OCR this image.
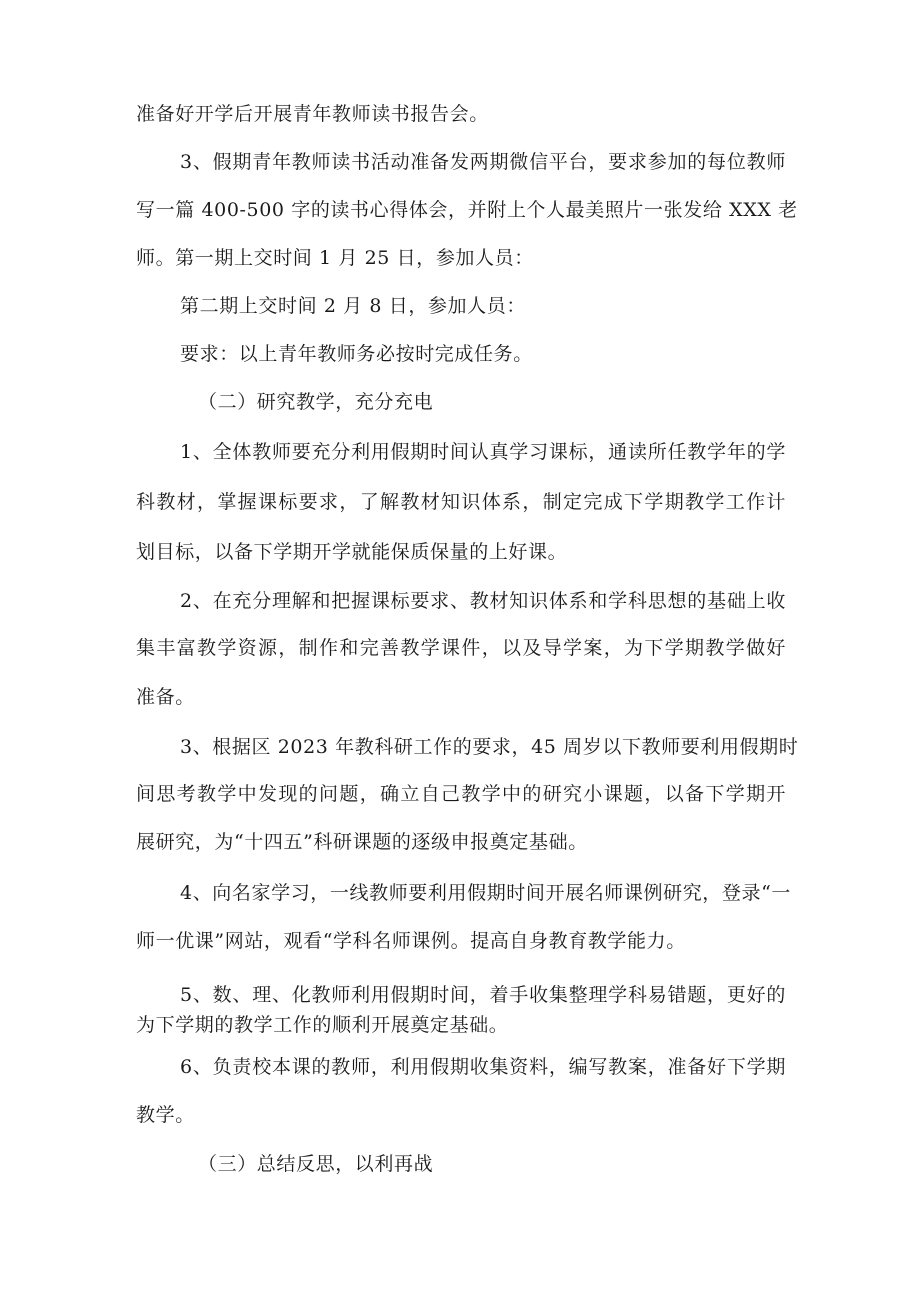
准备好开学后开展青年教师读书报告会。
3、假期青年教师读书活动准备发两期微信平台，要求参加的每位教师
写一篇 400-500 字的读书心得体会，并附上个人最美照片一张发给 XXX 老
师。第一期上交时间 1 月 25 日，参加人员：
第二期上交时间 2 月 8 日，参加人员：
要求：以上青年教师务必按时完成任务。
（二）研究教学，充分充电
1、全体教师要充分利用假期时间认真学习课标，通读所任教学年的学
科教材，掌握课标要求，了解教材知识体系，制定完成下学期教学工作计
划目标，以备下学期开学就能保质保量的上好课。
2、在充分理解和把握课标要求、教材知识体系和学科思想的基础上收
集丰富教学资源，制作和完善教学课件，以及导学案，为下学期教学做好
准备。
3、根据区 2023 年教科研工作的要求，45 周岁以下教师要利用假期时
间思考教学中发现的问题，确立自己教学中的研究小课题，以备下学期开
展研究，为“十四五”科研课题的逐级申报奠定基础。
4、向名家学习，一线教师要利用假期时间开展名师课例研究，登录“一
师一优课”网站，观看“学科名师课例。提高自身教育教学能力。
5、数、理、化教师利用假期时间，着手收集整理学科易错题，更好的
为下学期的教学工作的顺利开展奠定基础。
6、负责校本课的教师，利用假期收集资料，编写教案，准备好下学期
教学。
（三）总结反思，以利再战
